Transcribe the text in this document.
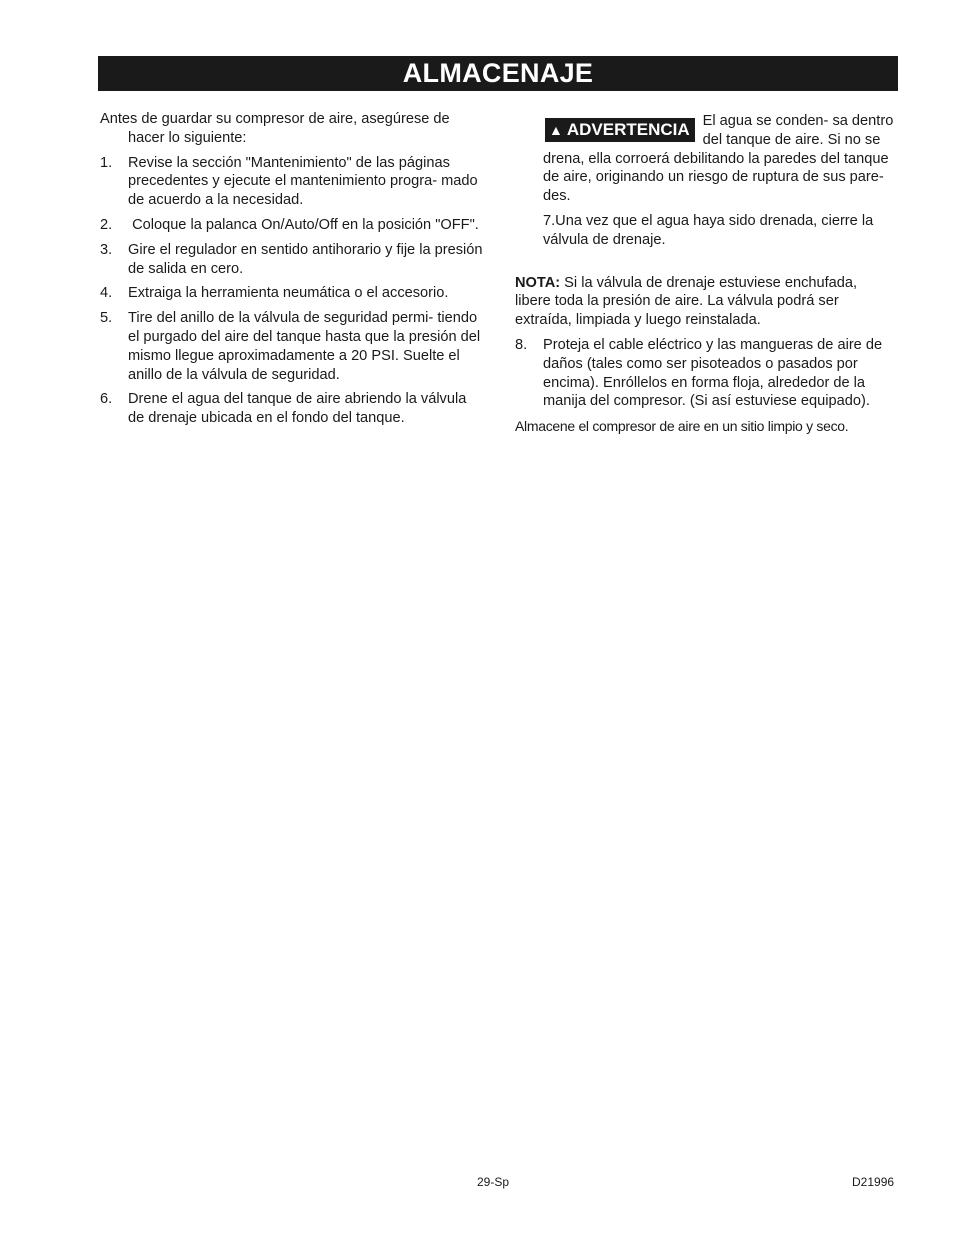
ALMACENAJE

Antes de guardar su compresor de aire, asegúrese de hacer lo siguiente:

1.	Revise la sección "Mantenimiento" de las páginas precedentes y ejecute el mantenimiento progra- mado de acuerdo a la necesidad.
2.	Coloque la palanca On/Auto/Off en la posición "OFF".
3.	Gire el regulador en sentido antihorario y fije la presión de salida en cero.
4.	Extraiga la herramienta neumática o el accesorio.
5.	Tire del anillo de la válvula de seguridad permi- tiendo el purgado del aire del tanque hasta que la presión del mismo llegue aproximadamente a 20 PSI. Suelte el anillo de la válvula de seguridad.
6.	Drene el agua del tanque de aire abriendo la válvula de drenaje ubicada en el fondo del tanque.
▲ ADVERTENCIA El agua se conden- sa dentro del tanque de aire. Si no se drena, ella corroerá debilitando la paredes del tanque de aire, originando un riesgo de ruptura de sus pare- des.

7.Una vez que el agua haya sido drenada, cierre la válvula de drenaje.

NOTA: Si la válvula de drenaje estuviese enchufada, libere toda la presión de aire. La válvula podrá ser extraída, limpiada y luego reinstalada.

8.	Proteja el cable eléctrico y las mangueras de aire de daños (tales como ser pisoteados o pasados por encima). Enróllelos en forma floja, alrededor de la manija del compresor. (Si así estuviese equipado).

Almacene el compresor de aire en un sitio limpio y seco.

29-Sp	D21996
